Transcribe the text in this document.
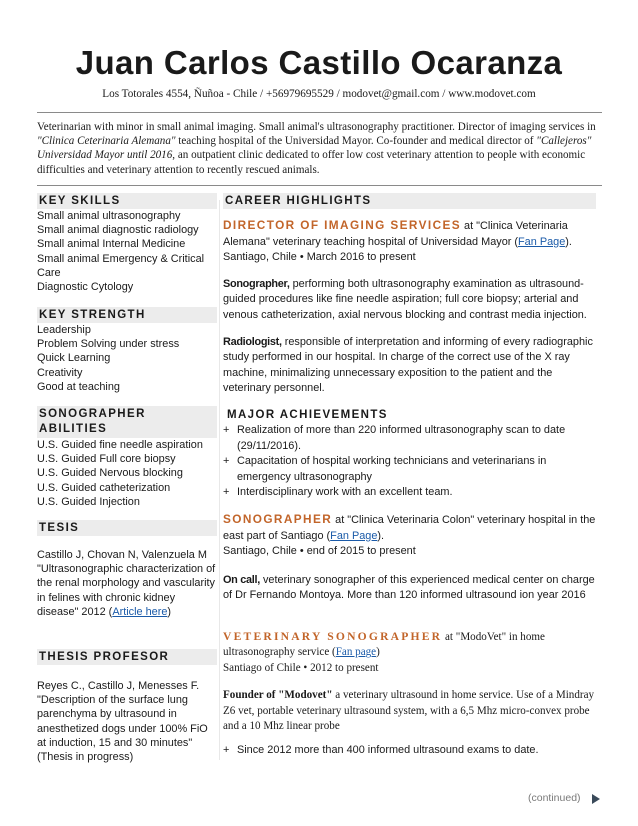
Juan Carlos Castillo Ocaranza
Los Totorales 4554, Ñuñoa - Chile / +56979695529 / modovet@gmail.com / www.modovet.com
Veterinarian with minor in small animal imaging. Small animal's ultrasonography practitioner. Director of imaging services in "Clinica Ceterinaria Alemana" teaching hospital of the Universidad Mayor. Co-founder and medical director of "Callejeros" Universidad Mayor until 2016, an outpatient clinic dedicated to offer low cost veterinary attention to people with economic difficulties and veterinary attention to recently rescued animals.
KEY SKILLS

Small animal ultrasonography

Small animal diagnostic radiology

Small animal Internal Medicine

Small animal Emergency & Critical Care

Diagnostic Cytology

KEY STRENGTH

Leadership

Problem Solving under stress

Quick Learning

Creativity

Good at teaching

SONOGRAPHER
ABILITIES

U.S. Guided fine needle aspiration

U.S. Guided Full core biopsy

U.S. Guided Nervous blocking

U.S. Guided catheterization

U.S. Guided Injection

TESIS

Castillo J, Chovan N, Valenzuela M "Ultrasonographic characterization of the renal morphology and vascularity in felines with chronic kidney disease" 2012 (Article here)

THESIS PROFESOR

Reyes C., Castillo J, Menesses F. "Description of the surface lung parenchyma by ultrasound in anesthetized dogs under 100% FiO at induction, 15 and 30 minutes" (Thesis in progress)

CAREER HIGHLIGHTS
DIRECTOR OF IMAGING SERVICES at "Clinica Veterinaria Alemana" veterinary teaching hospital of Universidad Mayor (Fan Page).
Santiago, Chile • March 2016 to present
Sonographer, performing both ultrasonography examination as ultrasound-guided procedures like fine needle aspiration; full core biopsy; arterial and venous catheterization, axial nervous blocking and contrast media injection.
Radiologist, responsible of interpretation and informing of every radiographic study performed in our hospital. In charge of the correct use of the X ray machine, minimalizing unnecessary exposition to the patient and the veterinary personnel.
MAJOR ACHIEVEMENTS
+ Realization of more than 220 informed ultrasonography scan to date (29/11/2016).
+ Capacitation of hospital working technicians and veterinarians in emergency ultrasonography
+ Interdisciplinary work with an excellent team.
SONOGRAPHER at "Clinica Veterinaria Colon" veterinary hospital in the east part of Santiago (Fan Page).
Santiago, Chile • end of 2015 to present
On call, veterinary sonographer of this experienced medical center on charge of Dr Fernando Montoya. More than 120 informed ultrasound ion year 2016
VETERINARY SONOGRAPHER at "ModoVet" in home ultrasonography service (Fan page)
Santiago of Chile • 2012 to present
Founder of "Modovet" a veterinary ultrasound in home service. Use of a Mindray Z6 vet, portable veterinary ultrasound system, with a 6,5 Mhz micro-convex probe and a 10 Mhz linear probe
+ Since 2012 more than 400 informed ultrasound exams to date.
(continued)
